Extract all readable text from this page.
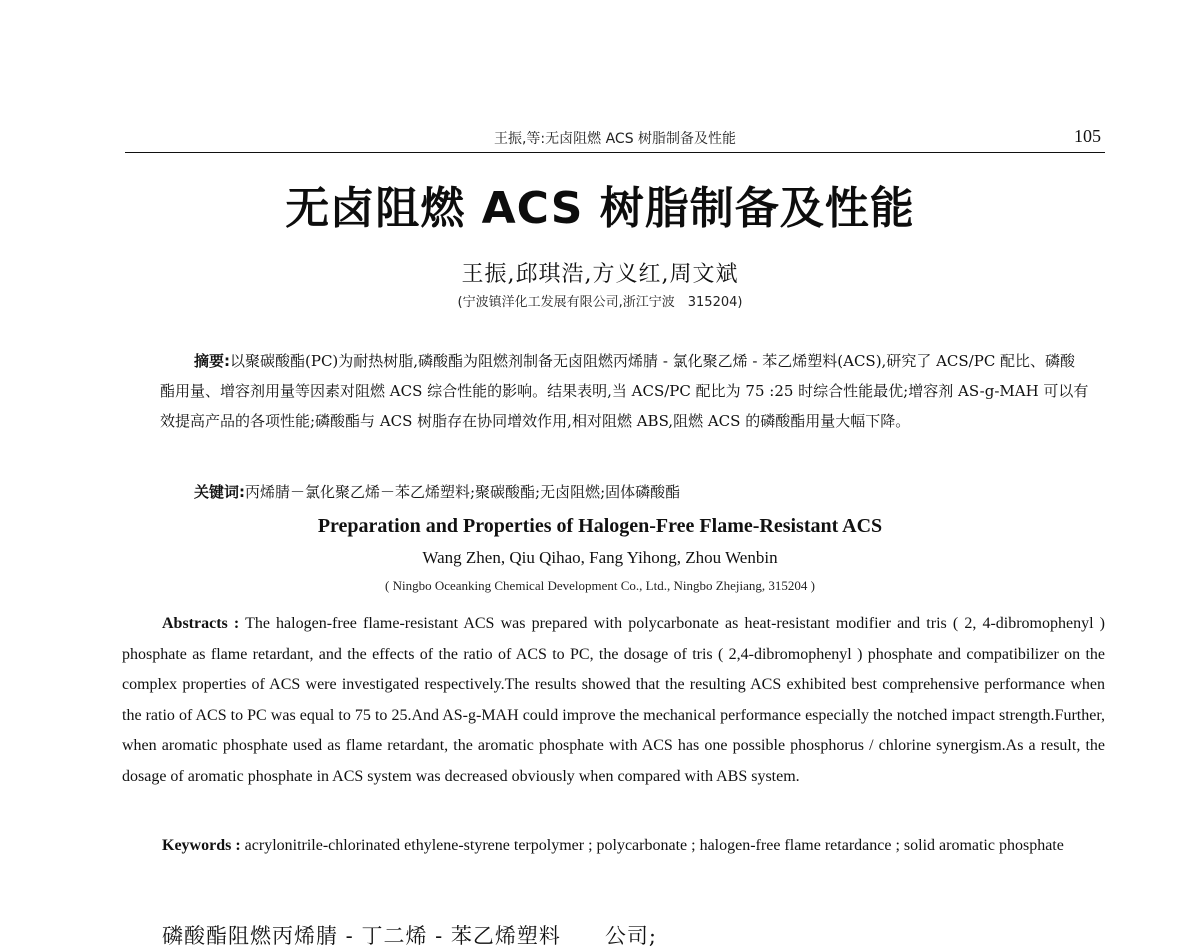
王振,等:无卤阻燃 ACS 树脂制备及性能	105
无卤阻燃 ACS 树脂制备及性能
王振,邱琪浩,方义红,周文斌
(宁波镇洋化工发展有限公司,浙江宁波　315204)
摘要:以聚碳酸酯(PC)为耐热树脂,磷酸酯为阻燃剂制备无卤阻燃丙烯腈 - 氯化聚乙烯 - 苯乙烯塑料(ACS),研究了 ACS/PC 配比、磷酸酯用量、增容剂用量等因素对阻燃 ACS 综合性能的影响。结果表明,当 ACS/PC 配比为 75 :25 时综合性能最优;增容剂 AS-g-MAH 可以有效提高产品的各项性能;磷酸酯与 ACS 树脂存在协同增效作用,相对阻燃 ABS,阻燃 ACS 的磷酸酯用量大幅下降。
关键词:丙烯腈－氯化聚乙烯－苯乙烯塑料;聚碳酸酯;无卤阻燃;固体磷酸酯
Preparation and Properties of Halogen-Free Flame-Resistant ACS
Wang Zhen, Qiu Qihao, Fang Yihong, Zhou Wenbin
( Ningbo Oceanking Chemical Development Co., Ltd., Ningbo Zhejiang, 315204 )
Abstracts : The halogen-free flame-resistant ACS was prepared with polycarbonate as heat-resistant modifier and tris ( 2, 4-dibromophenyl ) phosphate as flame retardant, and the effects of the ratio of ACS to PC, the dosage of tris ( 2,4-dibromophenyl ) phosphate and compatibilizer on the complex properties of ACS were investigated respectively.The results showed that the resulting ACS exhibited best comprehensive performance when the ratio of ACS to PC was equal to 75 to 25.And AS-g-MAH could improve the mechanical performance especially the notched impact strength.Further, when aromatic phosphate used as flame retardant, the aromatic phosphate with ACS has one possible phosphorus / chlorine synergism.As a result, the dosage of aromatic phosphate in ACS system was decreased obviously when compared with ABS system.
Keywords : acrylonitrile-chlorinated ethylene-styrene terpolymer ; polycarbonate ; halogen-free flame retardance ; solid aromatic phosphate
磷酸酯阻燃丙烯腈 - 丁二烯 - 苯乙烯塑料　　公司;
